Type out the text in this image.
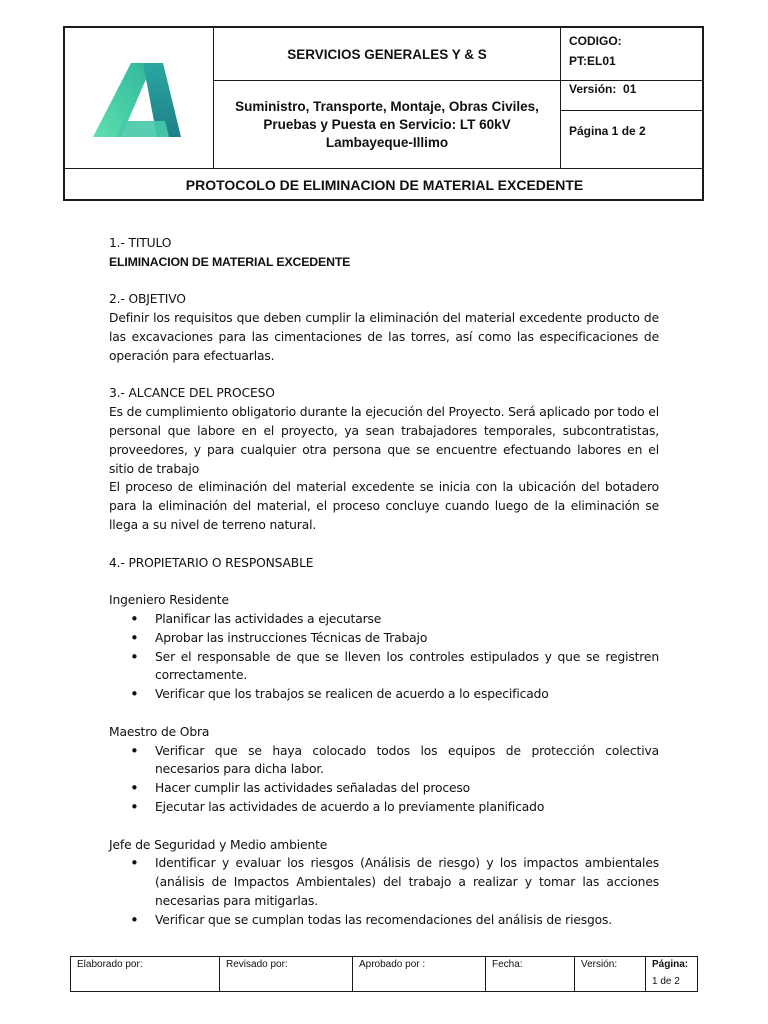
SERVICIOS GENERALES Y & S
Suministro, Transporte, Montaje, Obras Civiles,
Pruebas y Puesta en Servicio: LT 60kV
Lambayeque-Illimo
CODIGO:
PT:EL01
Versión:  01
Página 1 de 2
PROTOCOLO DE ELIMINACION DE MATERIAL EXCEDENTE

1.- TITULO

ELIMINACION DE MATERIAL EXCEDENTE

2.- OBJETIVO

Definir los requisitos que deben cumplir la eliminación del material excedente producto de las excavaciones para las cimentaciones de las torres, así como las especificaciones de operación para efectuarlas.

3.- ALCANCE DEL PROCESO

Es de cumplimiento obligatorio durante la ejecución del Proyecto. Será aplicado por todo el personal que labore en el proyecto, ya sean trabajadores temporales, subcontratistas, proveedores, y para cualquier otra persona que se encuentre efectuando labores en el sitio de trabajo

El proceso de eliminación del material excedente se inicia con la ubicación del botadero para la eliminación del material, el proceso concluye cuando luego de la eliminación se llega a su nivel de terreno natural.

4.- PROPIETARIO O RESPONSABLE

Ingeniero Residente

• Planificar las actividades a ejecutarse
• Aprobar las instrucciones Técnicas de Trabajo
• Ser el responsable de que se lleven los controles estipulados y que se registren correctamente.
• Verificar que los trabajos se realicen de acuerdo a lo especificado

Maestro de Obra

• Verificar que se haya colocado todos los equipos de protección colectiva necesarios para dicha labor.
• Hacer cumplir las actividades señaladas del proceso
• Ejecutar las actividades de acuerdo a lo previamente planificado

Jefe de Seguridad y Medio ambiente

• Identificar y evaluar los riesgos (Análisis de riesgo) y los impactos ambientales (análisis de Impactos Ambientales) del trabajo a realizar y tomar las acciones necesarias para mitigarlas.
• Verificar que se cumplan todas las recomendaciones del análisis de riesgos.
Elaborado por:	Revisado por:	Aprobado por :	Fecha:	Versión:	Página:
1 de 2
